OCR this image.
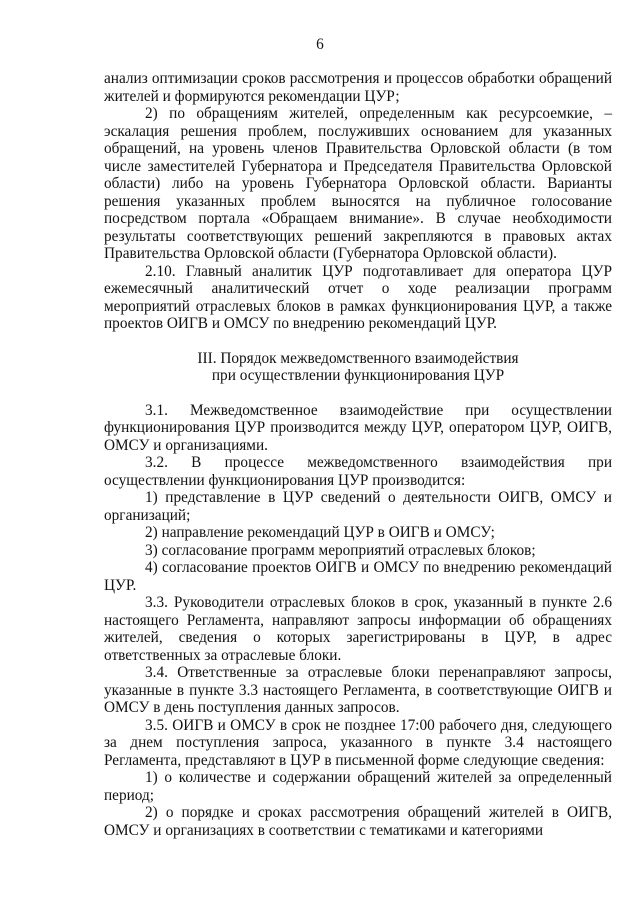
6

анализ оптимизации сроков рассмотрения и процессов обработки обращений жителей и формируются рекомендации ЦУР;

2) по обращениям жителей, определенным как ресурсоемкие, – эскалация решения проблем, послуживших основанием для указанных обращений, на уровень членов Правительства Орловской области (в том числе заместителей Губернатора и Председателя Правительства Орловской области) либо на уровень Губернатора Орловской области. Варианты решения указанных проблем выносятся на публичное голосование посредством портала «Обращаем внимание». В случае необходимости результаты соответствующих решений закрепляются в правовых актах Правительства Орловской области (Губернатора Орловской области).

2.10. Главный аналитик ЦУР подготавливает для оператора ЦУР ежемесячный аналитический отчет о ходе реализации программ мероприятий отраслевых блоков в рамках функционирования ЦУР, а также проектов ОИГВ и ОМСУ по внедрению рекомендаций ЦУР.

III. Порядок межведомственного взаимодействия
при осуществлении функционирования ЦУР

3.1. Межведомственное взаимодействие при осуществлении функционирования ЦУР производится между ЦУР, оператором ЦУР, ОИГВ, ОМСУ и организациями.

3.2. В процессе межведомственного взаимодействия при осуществлении функционирования ЦУР производится:

1) представление в ЦУР сведений о деятельности ОИГВ, ОМСУ и организаций;

2) направление рекомендаций ЦУР в ОИГВ и ОМСУ;

3) согласование программ мероприятий отраслевых блоков;

4) согласование проектов ОИГВ и ОМСУ по внедрению рекомендаций ЦУР.

3.3. Руководители отраслевых блоков в срок, указанный в пункте 2.6 настоящего Регламента, направляют запросы информации об обращениях жителей, сведения о которых зарегистрированы в ЦУР, в адрес ответственных за отраслевые блоки.

3.4. Ответственные за отраслевые блоки перенаправляют запросы, указанные в пункте 3.3 настоящего Регламента, в соответствующие ОИГВ и ОМСУ в день поступления данных запросов.

3.5. ОИГВ и ОМСУ в срок не позднее 17:00 рабочего дня, следующего за днем поступления запроса, указанного в пункте 3.4 настоящего Регламента, представляют в ЦУР в письменной форме следующие сведения:

1) о количестве и содержании обращений жителей за определенный период;

2) о порядке и сроках рассмотрения обращений жителей в ОИГВ, ОМСУ и организациях в соответствии с тематиками и категориями
